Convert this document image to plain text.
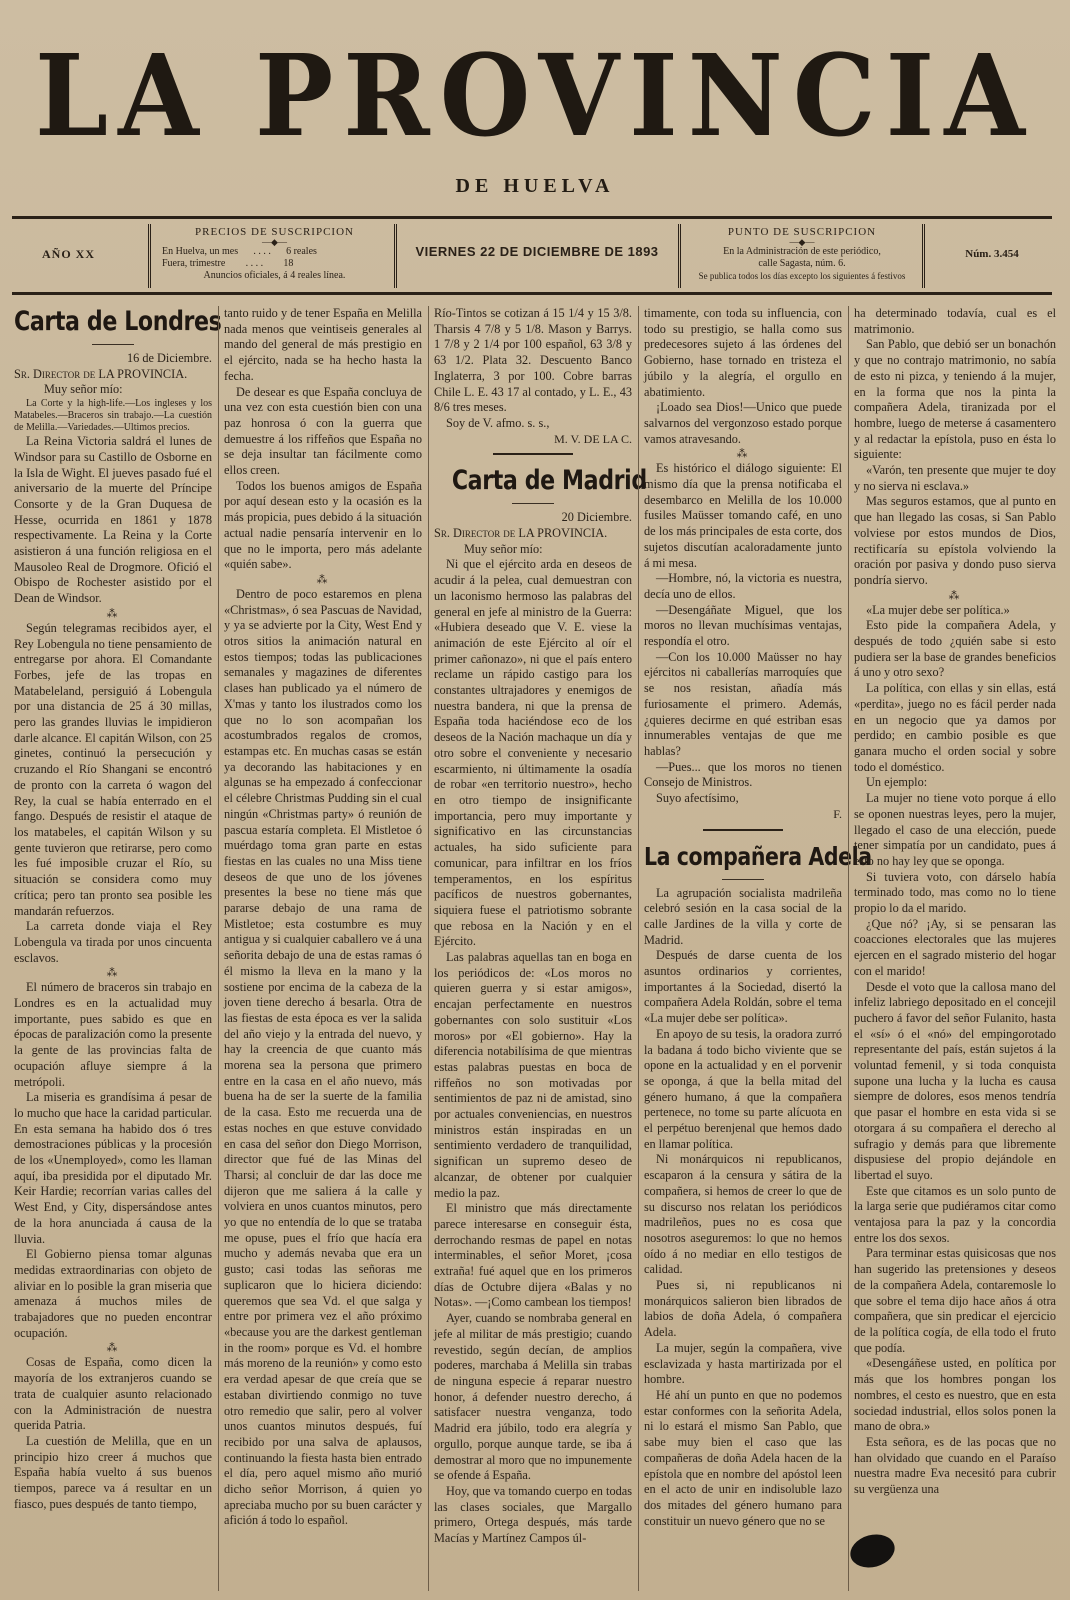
LA PROVINCIA
DE HUELVA
AÑO XX
PRECIOS DE SUSCRIPCION
—◆—
En Huelva, un mes . . . . 6 reales
Fuera, trimestre . . . . 18
Anuncios oficiales, á 4 reales línea.
VIERNES 22 DE DICIEMBRE DE 1893
PUNTO DE SUSCRIPCION
—◆—
En la Administración de este periódico,
calle Sagasta, núm. 6.
Se publica todos los días excepto los siguientes á festivos
Núm. 3.454
Carta de Londres

16 de Diciembre.

Sr. Director de LA PROVINCIA.

Muy señor mío:

La Corte y la high-life.—Los ingleses y los Matabeles.—Braceros sin trabajo.—La cuestión de Melilla.—Variedades.—Ultimos precios.

La Reina Victoria saldrá el lunes de Windsor para su Castillo de Osborne en la Isla de Wight. El jueves pasado fué el aniversario de la muerte del Príncipe Consorte y de la Gran Duquesa de Hesse, ocurrida en 1861 y 1878 respectivamente. La Reina y la Corte asistieron á una función religiosa en el Mausoleo Real de Drogmore. Ofició el Obispo de Rochester asistido por el Dean de Windsor.

⁂

Según telegramas recibidos ayer, el Rey Lobengula no tiene pensamiento de entregarse por ahora. El Comandante Forbes, jefe de las tropas en Matabeleland, persiguió á Lobengula por una distancia de 25 á 30 millas, pero las grandes lluvias le impidieron darle alcance. El capitán Wilson, con 25 ginetes, continuó la persecución y cruzando el Río Shangani se encontró de pronto con la carreta ó wagon del Rey, la cual se había enterrado en el fango. Después de resistir el ataque de los matabeles, el capitán Wilson y su gente tuvieron que retirarse, pero como les fué imposible cruzar el Río, su situación se considera como muy crítica; pero tan pronto sea posible les mandarán refuerzos.

La carreta donde viaja el Rey Lobengula va tirada por unos cincuenta esclavos.

⁂

El número de braceros sin trabajo en Londres es en la actualidad muy importante, pues sabido es que en épocas de paralización como la presente la gente de las provincias falta de ocupación afluye siempre á la metrópoli.

La miseria es grandísima á pesar de lo mucho que hace la caridad particular. En esta semana ha habido dos ó tres demostraciones públicas y la procesión de los «Unemployed», como les llaman aquí, iba presidida por el diputado Mr. Keir Hardie; recorrían varias calles del West End, y City, dispersándose antes de la hora anunciada á causa de la lluvia.

El Gobierno piensa tomar algunas medidas extraordinarias con objeto de aliviar en lo posible la gran miseria que amenaza á muchos miles de trabajadores que no pueden encontrar ocupación.

⁂

Cosas de España, como dicen la mayoría de los extranjeros cuando se trata de cualquier asunto relacionado con la Administración de nuestra querida Patria.

La cuestión de Melilla, que en un principio hizo creer á muchos que España había vuelto á sus buenos tiempos, parece va á resultar en un fiasco, pues después de tanto tiempo,

tanto ruido y de tener España en Melilla nada menos que veintiseis generales al mando del general de más prestigio en el ejército, nada se ha hecho hasta la fecha.

De desear es que España concluya de una vez con esta cuestión bien con una paz honrosa ó con la guerra que demuestre á los riffeños que España no se deja insultar tan fácilmente como ellos creen.

Todos los buenos amigos de España por aquí desean esto y la ocasión es la más propicia, pues debido á la situación actual nadie pensaría intervenir en lo que no le importa, pero más adelante «quién sabe».

⁂

Dentro de poco estaremos en plena «Christmas», ó sea Pascuas de Navidad, y ya se advierte por la City, West End y otros sitios la animación natural en estos tiempos; todas las publicaciones semanales y magazines de diferentes clases han publicado ya el número de X'mas y tanto los ilustrados como los que no lo son acompañan los acostumbrados regalos de cromos, estampas etc. En muchas casas se están ya decorando las habitaciones y en algunas se ha empezado á confeccionar el célebre Christmas Pudding sin el cual ningún «Christmas party» ó reunión de pascua estaría completa. El Mistletoe ó muérdago toma gran parte en estas fiestas en las cuales no una Miss tiene deseos de que uno de los jóvenes presentes la bese no tiene más que pararse debajo de una rama de Mistletoe; esta costumbre es muy antigua y si cualquier caballero ve á una señorita debajo de una de estas ramas ó él mismo la lleva en la mano y la sostiene por encima de la cabeza de la joven tiene derecho á besarla. Otra de las fiestas de esta época es ver la salida del año viejo y la entrada del nuevo, y hay la creencia de que cuanto más morena sea la persona que primero entre en la casa en el año nuevo, más buena ha de ser la suerte de la familia de la casa. Esto me recuerda una de estas noches en que estuve convidado en casa del señor don Diego Morrison, director que fué de las Minas del Tharsi; al concluir de dar las doce me dijeron que me saliera á la calle y volviera en unos cuantos minutos, pero yo que no entendía de lo que se trataba me opuse, pues el frío que hacía era mucho y además nevaba que era un gusto; casi todas las señoras me suplicaron que lo hiciera diciendo: queremos que sea Vd. el que salga y entre por primera vez el año próximo «because you are the darkest gentleman in the room» porque es Vd. el hombre más moreno de la reunión» y como esto era verdad apesar de que creía que se estaban divirtiendo conmigo no tuve otro remedio que salir, pero al volver unos cuantos minutos después, fuí recibido por una salva de aplausos, continuando la fiesta hasta bien entrado el día, pero aquel mismo año murió dicho señor Morrison, á quien yo apreciaba mucho por su buen carácter y afición á todo lo español.

Río-Tintos se cotizan á 15 1/4 y 15 3/8. Tharsis 4 7/8 y 5 1/8. Mason y Barrys. 1 7/8 y 2 1/4 por 100 español, 63 3/8 y 63 1/2. Plata 32. Descuento Banco Inglaterra, 3 por 100. Cobre barras Chile L. E. 43 17 al contado, y L. E., 43 8/6 tres meses.

Soy de V. afmo. s. s.,

M. V. DE LA C.

Carta de Madrid

20 Diciembre.

Sr. Director de LA PROVINCIA.

Muy señor mío:

Ni que el ejército arda en deseos de acudir á la pelea, cual demuestran con un laconismo hermoso las palabras del general en jefe al ministro de la Guerra: «Hubiera deseado que V. E. viese la animación de este Ejército al oír el primer cañonazo», ni que el país entero reclame un rápido castigo para los constantes ultrajadores y enemigos de nuestra bandera, ni que la prensa de España toda haciéndose eco de los deseos de la Nación machaque un día y otro sobre el conveniente y necesario escarmiento, ni últimamente la osadía de robar «en territorio nuestro», hecho en otro tiempo de insignificante importancia, pero muy importante y significativo en las circunstancias actuales, ha sido suficiente para comunicar, para infiltrar en los fríos temperamentos, en los espíritus pacíficos de nuestros gobernantes, siquiera fuese el patriotismo sobrante que rebosa en la Nación y en el Ejército.

Las palabras aquellas tan en boga en los periódicos de: «Los moros no quieren guerra y si estar amigos», encajan perfectamente en nuestros gobernantes con solo sustituir «Los moros» por «El gobierno». Hay la diferencia notabilísima de que mientras estas palabras puestas en boca de riffeños no son motivadas por sentimientos de paz ni de amistad, sino por actuales conveniencias, en nuestros ministros están inspiradas en un sentimiento verdadero de tranquilidad, significan un supremo deseo de alcanzar, de obtener por cualquier medio la paz.

El ministro que más directamente parece interesarse en conseguir ésta, derrochando resmas de papel en notas interminables, el señor Moret, ¡cosa extraña! fué aquel que en los primeros días de Octubre dijera «Balas y no Notas». —¡Como cambean los tiempos!

Ayer, cuando se nombraba general en jefe al militar de más prestigio; cuando revestido, según decían, de amplios poderes, marchaba á Melilla sin trabas de ninguna especie á reparar nuestro honor, á defender nuestro derecho, á satisfacer nuestra venganza, todo Madrid era júbilo, todo era alegría y orgullo, porque aunque tarde, se iba á demostrar al moro que no impunemente se ofende á España.

Hoy, que va tomando cuerpo en todas las clases sociales, que Margallo primero, Ortega después, más tarde Macías y Martínez Campos úl-

timamente, con toda su influencia, con todo su prestigio, se halla como sus predecesores sujeto á las órdenes del Gobierno, hase tornado en tristeza el júbilo y la alegría, el orgullo en abatimiento.

¡Loado sea Dios!—Unico que puede salvarnos del vergonzoso estado porque vamos atravesando.

⁂

Es histórico el diálogo siguiente: El mismo día que la prensa notificaba el desembarco en Melilla de los 10.000 fusiles Maüsser tomando café, en uno de los más principales de esta corte, dos sujetos discutían acaloradamente junto á mi mesa.

—Hombre, nó, la victoria es nuestra, decía uno de ellos.

—Desengáñate Miguel, que los moros no llevan muchísimas ventajas, respondía el otro.

—Con los 10.000 Maüsser no hay ejércitos ni caballerías marroquíes que se nos resistan, añadía más furiosamente el primero. Además, ¿quieres decirme en qué estriban esas innumerables ventajas de que me hablas?

—Pues... que los moros no tienen Consejo de Ministros.

Suyo afectísimo,

F.

La compañera Adela

La agrupación socialista madrileña celebró sesión en la casa social de la calle Jardines de la villa y corte de Madrid.

Después de darse cuenta de los asuntos ordinarios y corrientes, importantes á la Sociedad, disertó la compañera Adela Roldán, sobre el tema «La mujer debe ser política».

En apoyo de su tesis, la oradora zurró la badana á todo bicho viviente que se opone en la actualidad y en el porvenir se oponga, á que la bella mitad del género humano, á que la compañera pertenece, no tome su parte alícuota en el perpétuo berenjenal que hemos dado en llamar política.

Ni monárquicos ni republicanos, escaparon á la censura y sátira de la compañera, si hemos de creer lo que de su discurso nos relatan los periódicos madrileños, pues no es cosa que nosotros aseguremos: lo que no hemos oído á no mediar en ello testigos de calidad.

Pues si, ni republicanos ni monárquicos salieron bien librados de labios de doña Adela, ó compañera Adela.

La mujer, según la compañera, vive esclavizada y hasta martirizada por el hombre.

Hé ahí un punto en que no podemos estar conformes con la señorita Adela, ni lo estará el mismo San Pablo, que sabe muy bien el caso que las compañeras de doña Adela hacen de la epístola que en nombre del apóstol leen en el acto de unir en indisoluble lazo dos mitades del género humano para constituir un nuevo género que no se

ha determinado todavía, cual es el matrimonio.

San Pablo, que debió ser un bonachón y que no contrajo matrimonio, no sabía de esto ni pizca, y teniendo á la mujer, en la forma que nos la pinta la compañera Adela, tiranizada por el hombre, luego de meterse á casamentero y al redactar la epístola, puso en ésta lo siguiente:

«Varón, ten presente que mujer te doy y no sierva ni esclava.»

Mas seguros estamos, que al punto en que han llegado las cosas, si San Pablo volviese por estos mundos de Dios, rectificaría su epístola volviendo la oración por pasiva y dondo puso sierva pondría siervo.

⁂

«La mujer debe ser política.»

Esto pide la compañera Adela, y después de todo ¿quién sabe si esto pudiera ser la base de grandes beneficios á uno y otro sexo?

La política, con ellas y sin ellas, está «perdita», juego no es fácil perder nada en un negocio que ya damos por perdido; en cambio posible es que ganara mucho el orden social y sobre todo el doméstico.

Un ejemplo:

La mujer no tiene voto porque á ello se oponen nuestras leyes, pero la mujer, llegado el caso de una elección, puede tener simpatía por un candidato, pues á esto no hay ley que se oponga.

Si tuviera voto, con dárselo había terminado todo, mas como no lo tiene propio lo da el marido.

¿Que nó? ¡Ay, si se pensaran las coacciones electorales que las mujeres ejercen en el sagrado misterio del hogar con el marido!

Desde el voto que la callosa mano del infeliz labriego depositado en el concejil puchero á favor del señor Fulanito, hasta el «sí» ó el «nó» del empingorotado representante del país, están sujetos á la voluntad femenil, y si toda conquista supone una lucha y la lucha es causa siempre de dolores, esos menos tendría que pasar el hombre en esta vida si se otorgara á su compañera el derecho al sufragio y demás para que libremente dispusiese del propio dejándole en libertad el suyo.

Este que citamos es un solo punto de la larga serie que pudiéramos citar como ventajosa para la paz y la concordia entre los dos sexos.

Para terminar estas quisicosas que nos han sugerido las pretensiones y deseos de la compañera Adela, contaremosle lo que sobre el tema dijo hace años á otra compañera, que sin predicar el ejercicio de la política cogía, de ella todo el fruto que podía.

«Desengáñese usted, en política por más que los hombres pongan los nombres, el cesto es nuestro, que en esta sociedad industrial, ellos solos ponen la mano de obra.»

Esta señora, es de las pocas que no han olvidado que cuando en el Paraíso nuestra madre Eva necesitó para cubrir su vergüenza una
